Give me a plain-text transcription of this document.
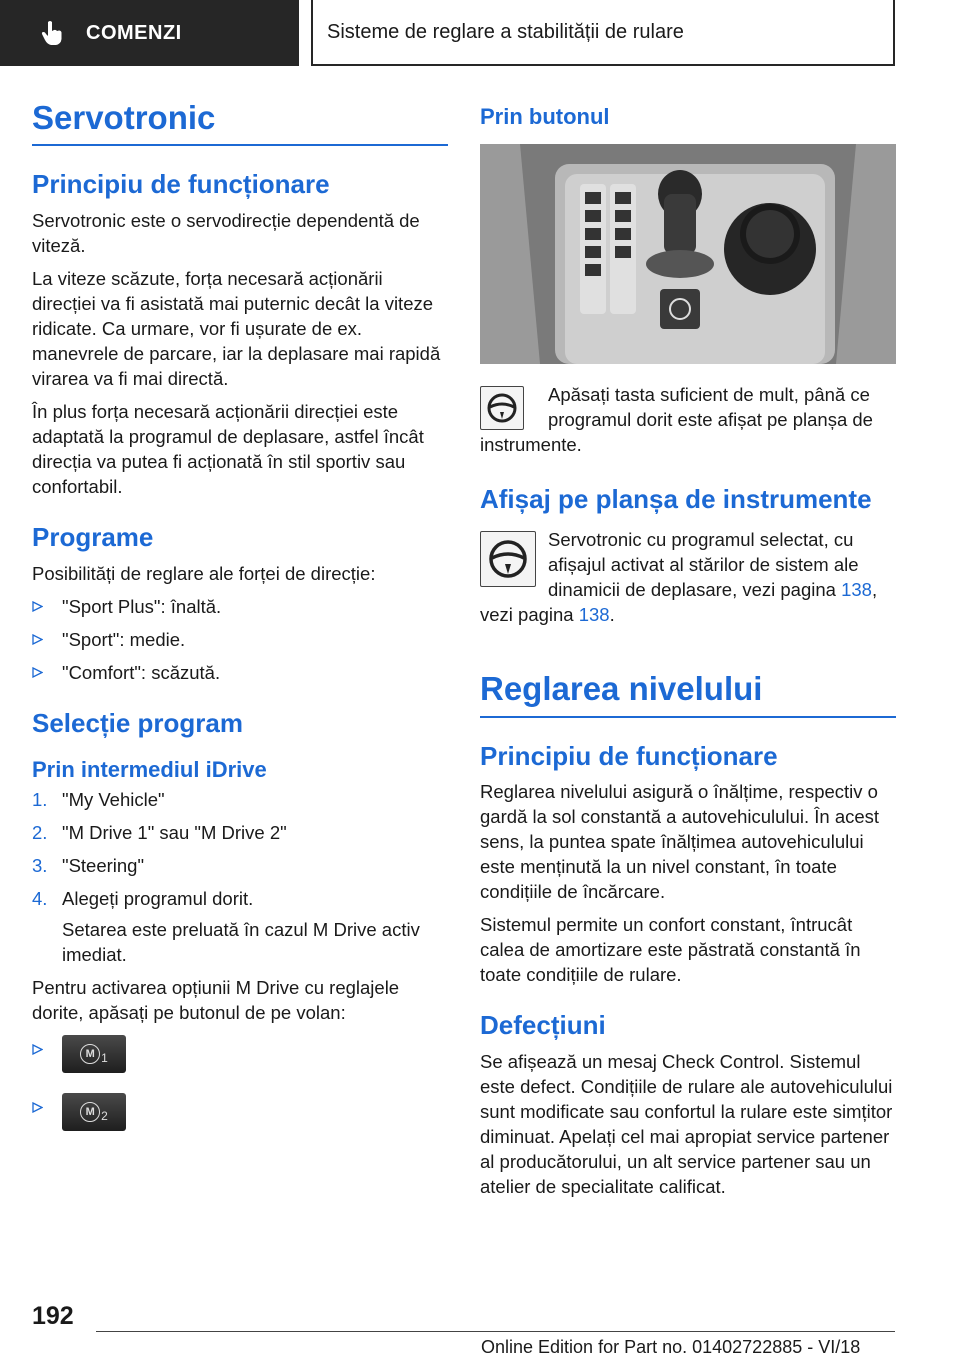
COMENZI	Sisteme de reglare a stabilității de rulare
Servotronic
Principiu de funcționare

Servotronic este o servodirecție dependentă de viteză.

La viteze scăzute, forța necesară acționării direcției va fi asistată mai puternic decât la viteze ridicate. Ca urmare, vor fi ușurate de ex. manevrele de parcare, iar la deplasare mai rapidă virarea va fi mai directă.

În plus forța necesară acționării direcției este adaptată la programul de deplasare, astfel încât direcția va putea fi acționată în stil sportiv sau confortabil.

Programe

Posibilități de reglare ale forței de direcție:

"Sport Plus": înaltă.
"Sport": medie.
"Comfort": scăzută.
Selecție program
Prin intermediul iDrive
1. "My Vehicle"
2. "M Drive 1" sau "M Drive 2"
3. "Steering"
4. Alegeți programul dorit.
Setarea este preluată în cazul M Drive activ imediat.

Pentru activarea opțiunii M Drive cu reglajele dorite, apăsați pe butonul de pe volan:

M 1
M 2
Prin butonul

Apăsați tasta suficient de mult, până ce programul dorit este afișat pe planșa de instrumente.

Afișaj pe planșa de instrumente

Servotronic cu programul selectat, cu afișajul activat al stărilor de sistem ale dinamicii de deplasare, vezi pagina 138, vezi pagina 138.

Reglarea nivelului
Principiu de funcționare

Reglarea nivelului asigură o înălțime, respectiv o gardă la sol constantă a autovehiculului. În acest sens, la puntea spate înălțimea autovehiculului este menținută la un nivel constant, în toate condițiile de încărcare.

Sistemul permite un confort constant, întrucât calea de amortizare este păstrată constantă în toate condițiile de rulare.

Defecțiuni

Se afișează un mesaj Check Control. Sistemul este defect. Condițiile de rulare ale autovehiculului sunt modificate sau confortul la rulare este simțitor diminuat. Apelați cel mai apropiat service partener al producătorului, un alt service partener sau un atelier de specialitate calificat.

192
Online Edition for Part no. 01402722885 - VI/18
